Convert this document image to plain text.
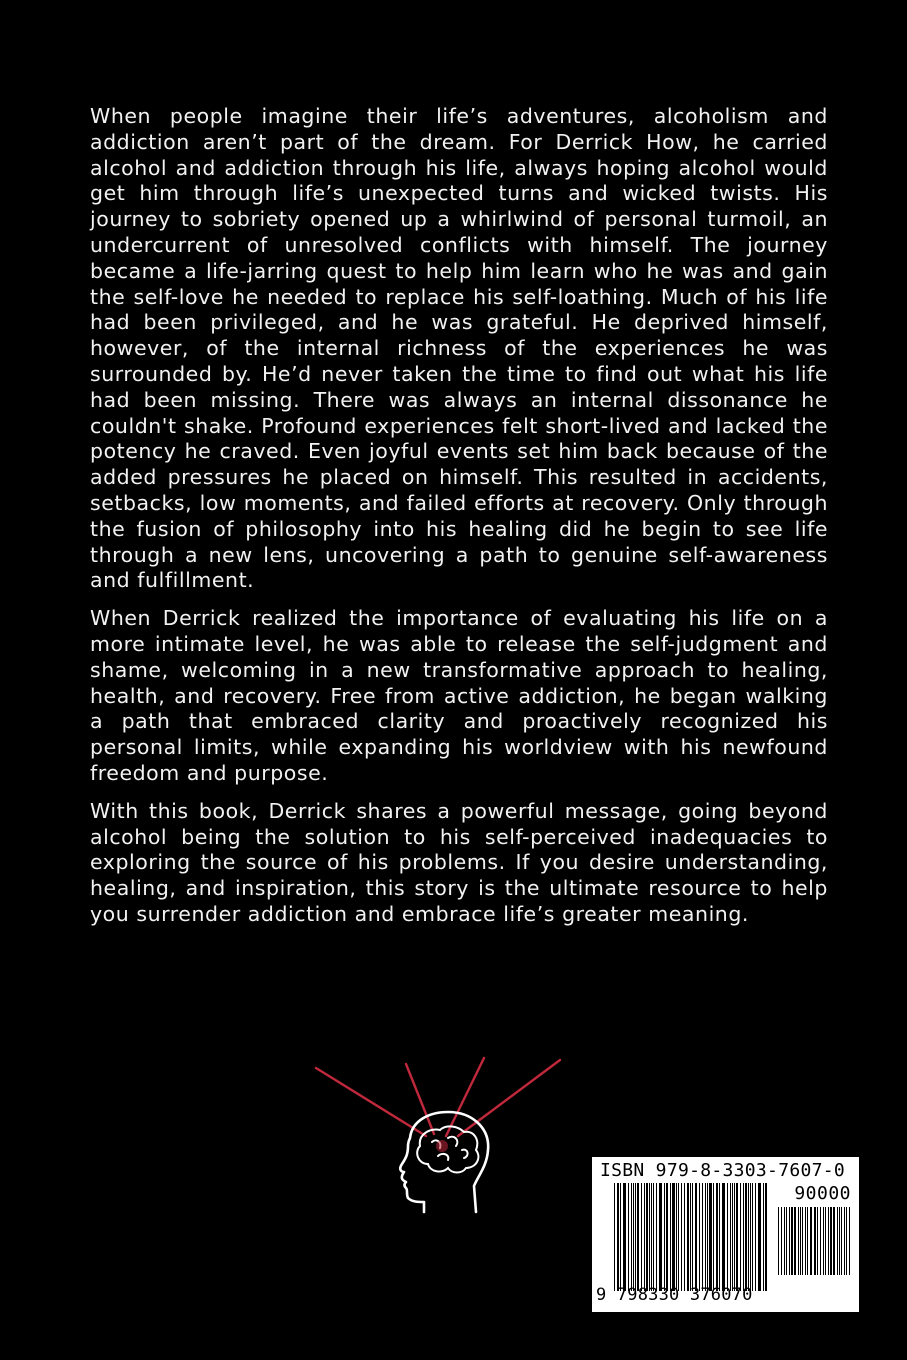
When people imagine their life’s adventures, alcoholism and addiction aren’t part of the dream. For Derrick How, he carried alcohol and addiction through his life, always hoping alcohol would get him through life’s unexpected turns and wicked twists. His journey to sobriety opened up a whirlwind of personal turmoil, an undercurrent of unresolved conflicts with himself. The journey became a life-jarring quest to help him learn who he was and gain the self-love he needed to replace his self-loathing. Much of his life had been privileged, and he was grateful. He deprived himself, however, of the internal richness of the experiences he was surrounded by. He’d never taken the time to find out what his life had been missing. There was always an internal dissonance he couldn't shake. Profound experiences felt short-lived and lacked the potency he craved. Even joyful events set him back because of the added pressures he placed on himself. This resulted in accidents, setbacks, low moments, and failed efforts at recovery. Only through the fusion of philosophy into his healing did he begin to see life through a new lens, uncovering a path to genuine self-awareness and fulfillment.

When Derrick realized the importance of evaluating his life on a more intimate level, he was able to release the self-judgment and shame, welcoming in a new transformative approach to healing, health, and recovery. Free from active addiction, he began walking a path that embraced clarity and proactively recognized his personal limits, while expanding his worldview with his newfound freedom and purpose.

With this book, Derrick shares a powerful message, going beyond alcohol being the solution to his self-perceived inadequacies to exploring the source of his problems. If you desire understanding, healing, and inspiration, this story is the ultimate resource to help you surrender addiction and embrace life’s greater meaning.

ISBN 979-8-3303-7607-0
90000
9 798330 376070
